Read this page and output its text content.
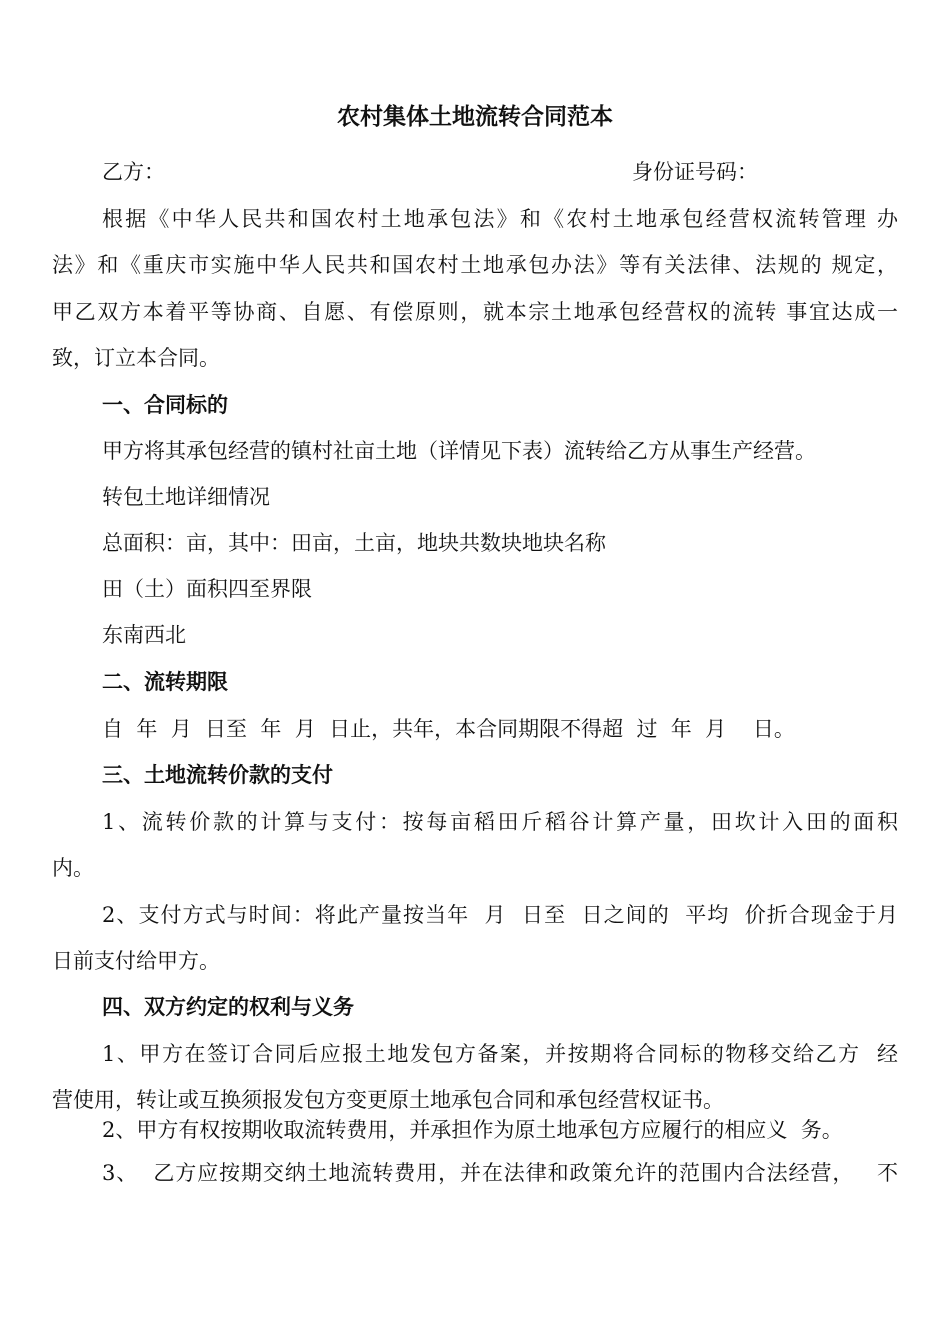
农村集体土地流转合同范本
乙方：	身份证号码：
根据《中华人民共和国农村土地承包法》和《农村土地承包经营权流转管理 办
法》和《重庆市实施中华人民共和国农村土地承包办法》等有关法律、法规的 规定，
甲乙双方本着平等协商、自愿、有偿原则，就本宗土地承包经营权的流转 事宜达成一
致，订立本合同。
一、合同标的
甲方将其承包经营的镇村社亩土地（详情见下表）流转给乙方从事生产经营。
转包土地详细情况
总面积：亩，其中：田亩，土亩，地块共数块地块名称
田（土）面积四至界限
东南西北
二、流转期限
自  年  月  日至  年  月  日止，共年，本合同期限不得超  过  年  月    日。
三、土地流转价款的支付
1、流转价款的计算与支付：按每亩稻田斤稻谷计算产量，田坎计入田的面积
内。
2、支付方式与时间：将此产量按当年  月  日至  日之间的  平均  价折合现金于月
日前支付给甲方。
四、双方约定的权利与义务
1、甲方在签订合同后应报土地发包方备案，并按期将合同标的物移交给乙方  经
营使用，转让或互换须报发包方变更原土地承包合同和承包经营权证书。
2、甲方有权按期收取流转费用，并承担作为原土地承包方应履行的相应义  务。
3、  乙方应按期交纳土地流转费用，并在法律和政策允许的范围内合法经营，   不
